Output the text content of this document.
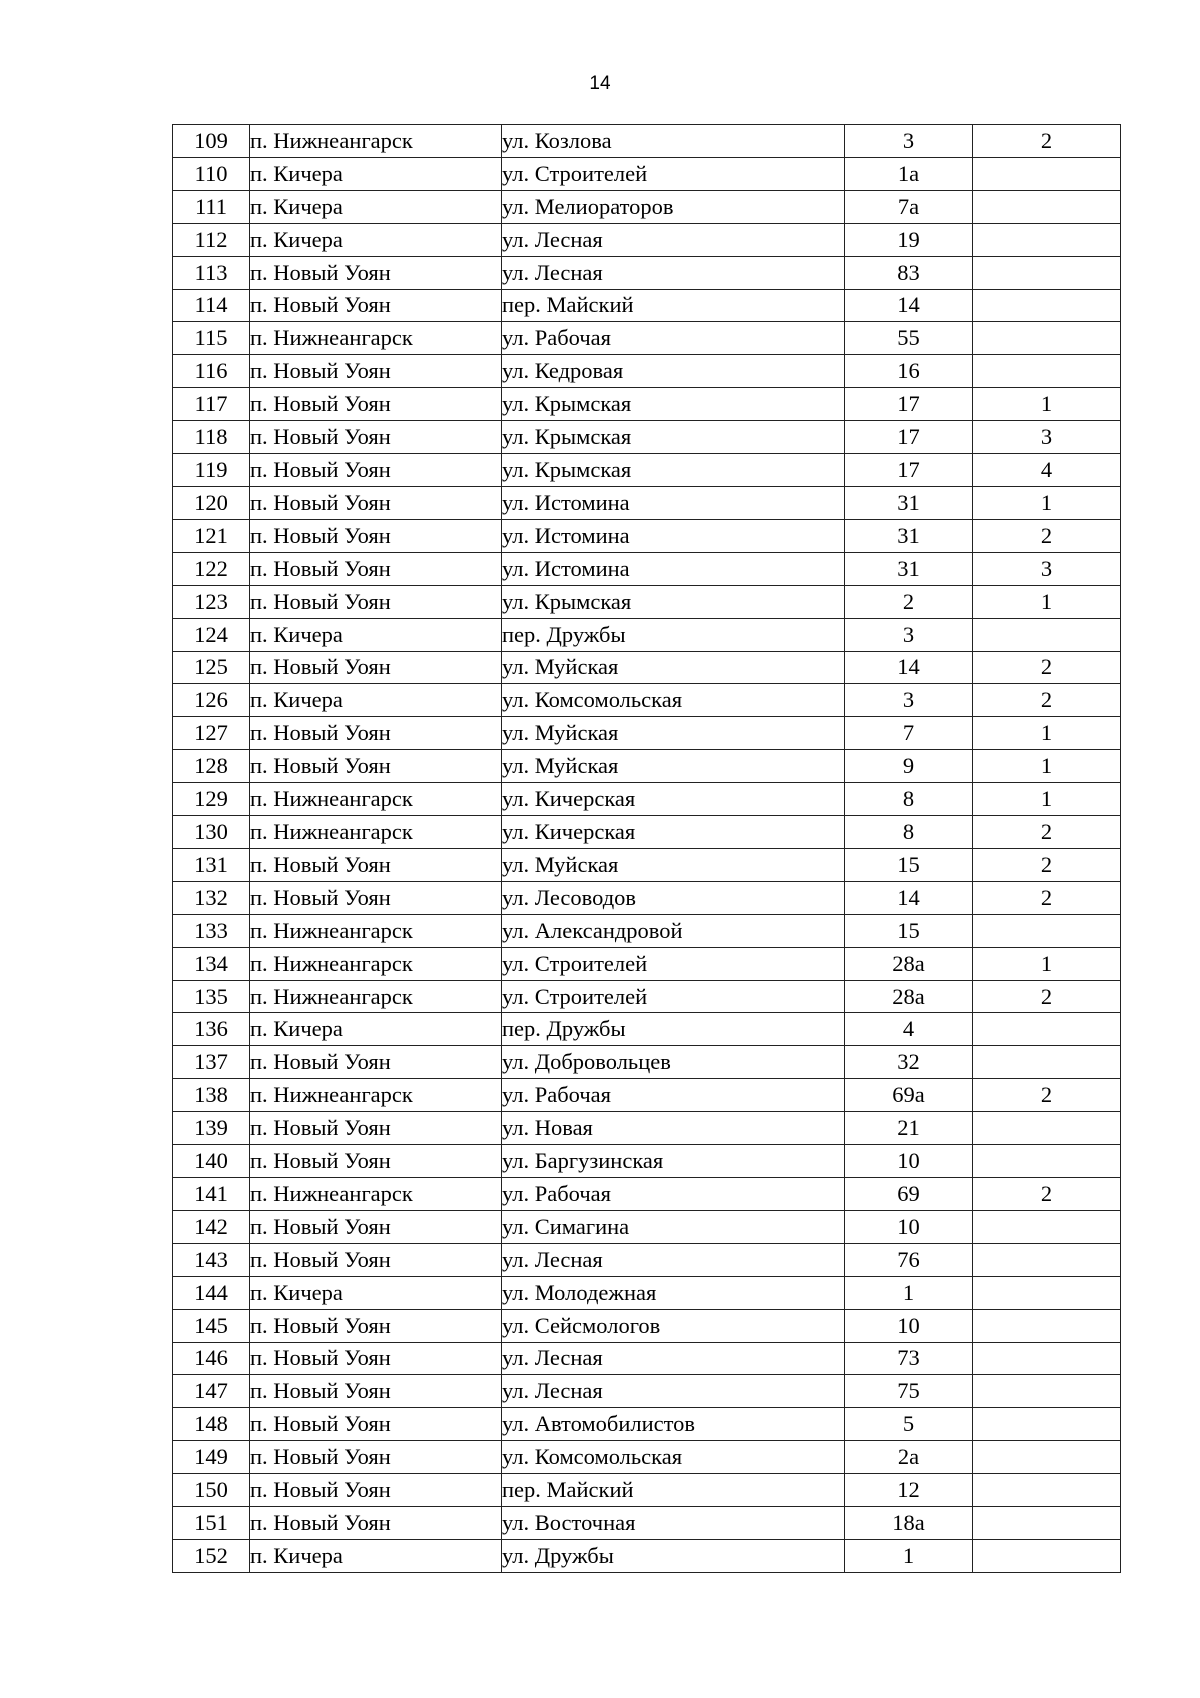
14
109	п. Нижнеангарск	ул. Козлова	3	2
110	п. Кичера	ул. Строителей	1а	
111	п. Кичера	ул. Мелиораторов	7а	
112	п. Кичера	ул. Лесная	19	
113	п. Новый Уоян	ул. Лесная	83	
114	п. Новый Уоян	пер. Майский	14	
115	п. Нижнеангарск	ул. Рабочая	55	
116	п. Новый Уоян	ул. Кедровая	16	
117	п. Новый Уоян	ул. Крымская	17	1
118	п. Новый Уоян	ул. Крымская	17	3
119	п. Новый Уоян	ул. Крымская	17	4
120	п. Новый Уоян	ул. Истомина	31	1
121	п. Новый Уоян	ул. Истомина	31	2
122	п. Новый Уоян	ул. Истомина	31	3
123	п. Новый Уоян	ул. Крымская	2	1
124	п. Кичера	пер. Дружбы	3	
125	п. Новый Уоян	ул. Муйская	14	2
126	п. Кичера	ул. Комсомольская	3	2
127	п. Новый Уоян	ул. Муйская	7	1
128	п. Новый Уоян	ул. Муйская	9	1
129	п. Нижнеангарск	ул. Кичерская	8	1
130	п. Нижнеангарск	ул. Кичерская	8	2
131	п. Новый Уоян	ул. Муйская	15	2
132	п. Новый Уоян	ул. Лесоводов	14	2
133	п. Нижнеангарск	ул. Александровой	15	
134	п. Нижнеангарск	ул. Строителей	28а	1
135	п. Нижнеангарск	ул. Строителей	28а	2
136	п. Кичера	пер. Дружбы	4	
137	п. Новый Уоян	ул. Добровольцев	32	
138	п. Нижнеангарск	ул. Рабочая	69а	2
139	п. Новый Уоян	ул. Новая	21	
140	п. Новый Уоян	ул. Баргузинская	10	
141	п. Нижнеангарск	ул. Рабочая	69	2
142	п. Новый Уоян	ул. Симагина	10	
143	п. Новый Уоян	ул. Лесная	76	
144	п. Кичера	ул. Молодежная	1	
145	п. Новый Уоян	ул. Сейсмологов	10	
146	п. Новый Уоян	ул. Лесная	73	
147	п. Новый Уоян	ул. Лесная	75	
148	п. Новый Уоян	ул. Автомобилистов	5	
149	п. Новый Уоян	ул. Комсомольская	2а	
150	п. Новый Уоян	пер. Майский	12	
151	п. Новый Уоян	ул. Восточная	18а	
152	п. Кичера	ул. Дружбы	1	
